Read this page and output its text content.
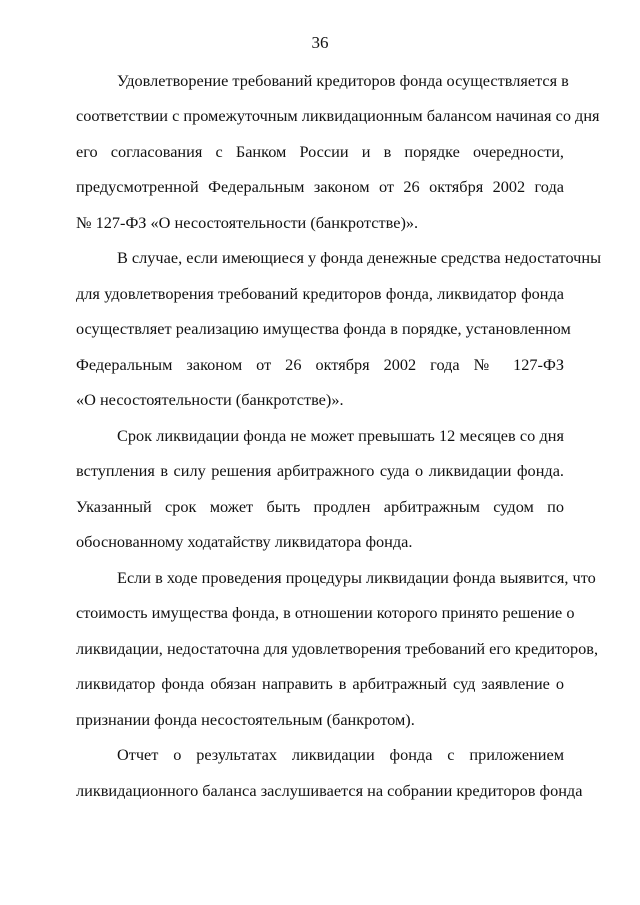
36
Удовлетворение требований кредиторов фонда осуществляется в
соответствии с промежуточным ликвидационным балансом начиная со дня
его согласования с Банком России и в порядке очередности,
предусмотренной Федеральным законом от 26 октября 2002 года
№ 127-ФЗ «О несостоятельности (банкротстве)».
В случае, если имеющиеся у фонда денежные средства недостаточны
для удовлетворения требований кредиторов фонда, ликвидатор фонда
осуществляет реализацию имущества фонда в порядке, установленном
Федеральным законом от 26 октября 2002 года № 127-ФЗ
«О несостоятельности (банкротстве)».
Срок ликвидации фонда не может превышать 12 месяцев со дня
вступления в силу решения арбитражного суда о ликвидации фонда.
Указанный срок может быть продлен арбитражным судом по
обоснованному ходатайству ликвидатора фонда.
Если в ходе проведения процедуры ликвидации фонда выявится, что
стоимость имущества фонда, в отношении которого принято решение о
ликвидации, недостаточна для удовлетворения требований его кредиторов,
ликвидатор фонда обязан направить в арбитражный суд заявление о
признании фонда несостоятельным (банкротом).
Отчет о результатах ликвидации фонда с приложением
ликвидационного баланса заслушивается на собрании кредиторов фонда
